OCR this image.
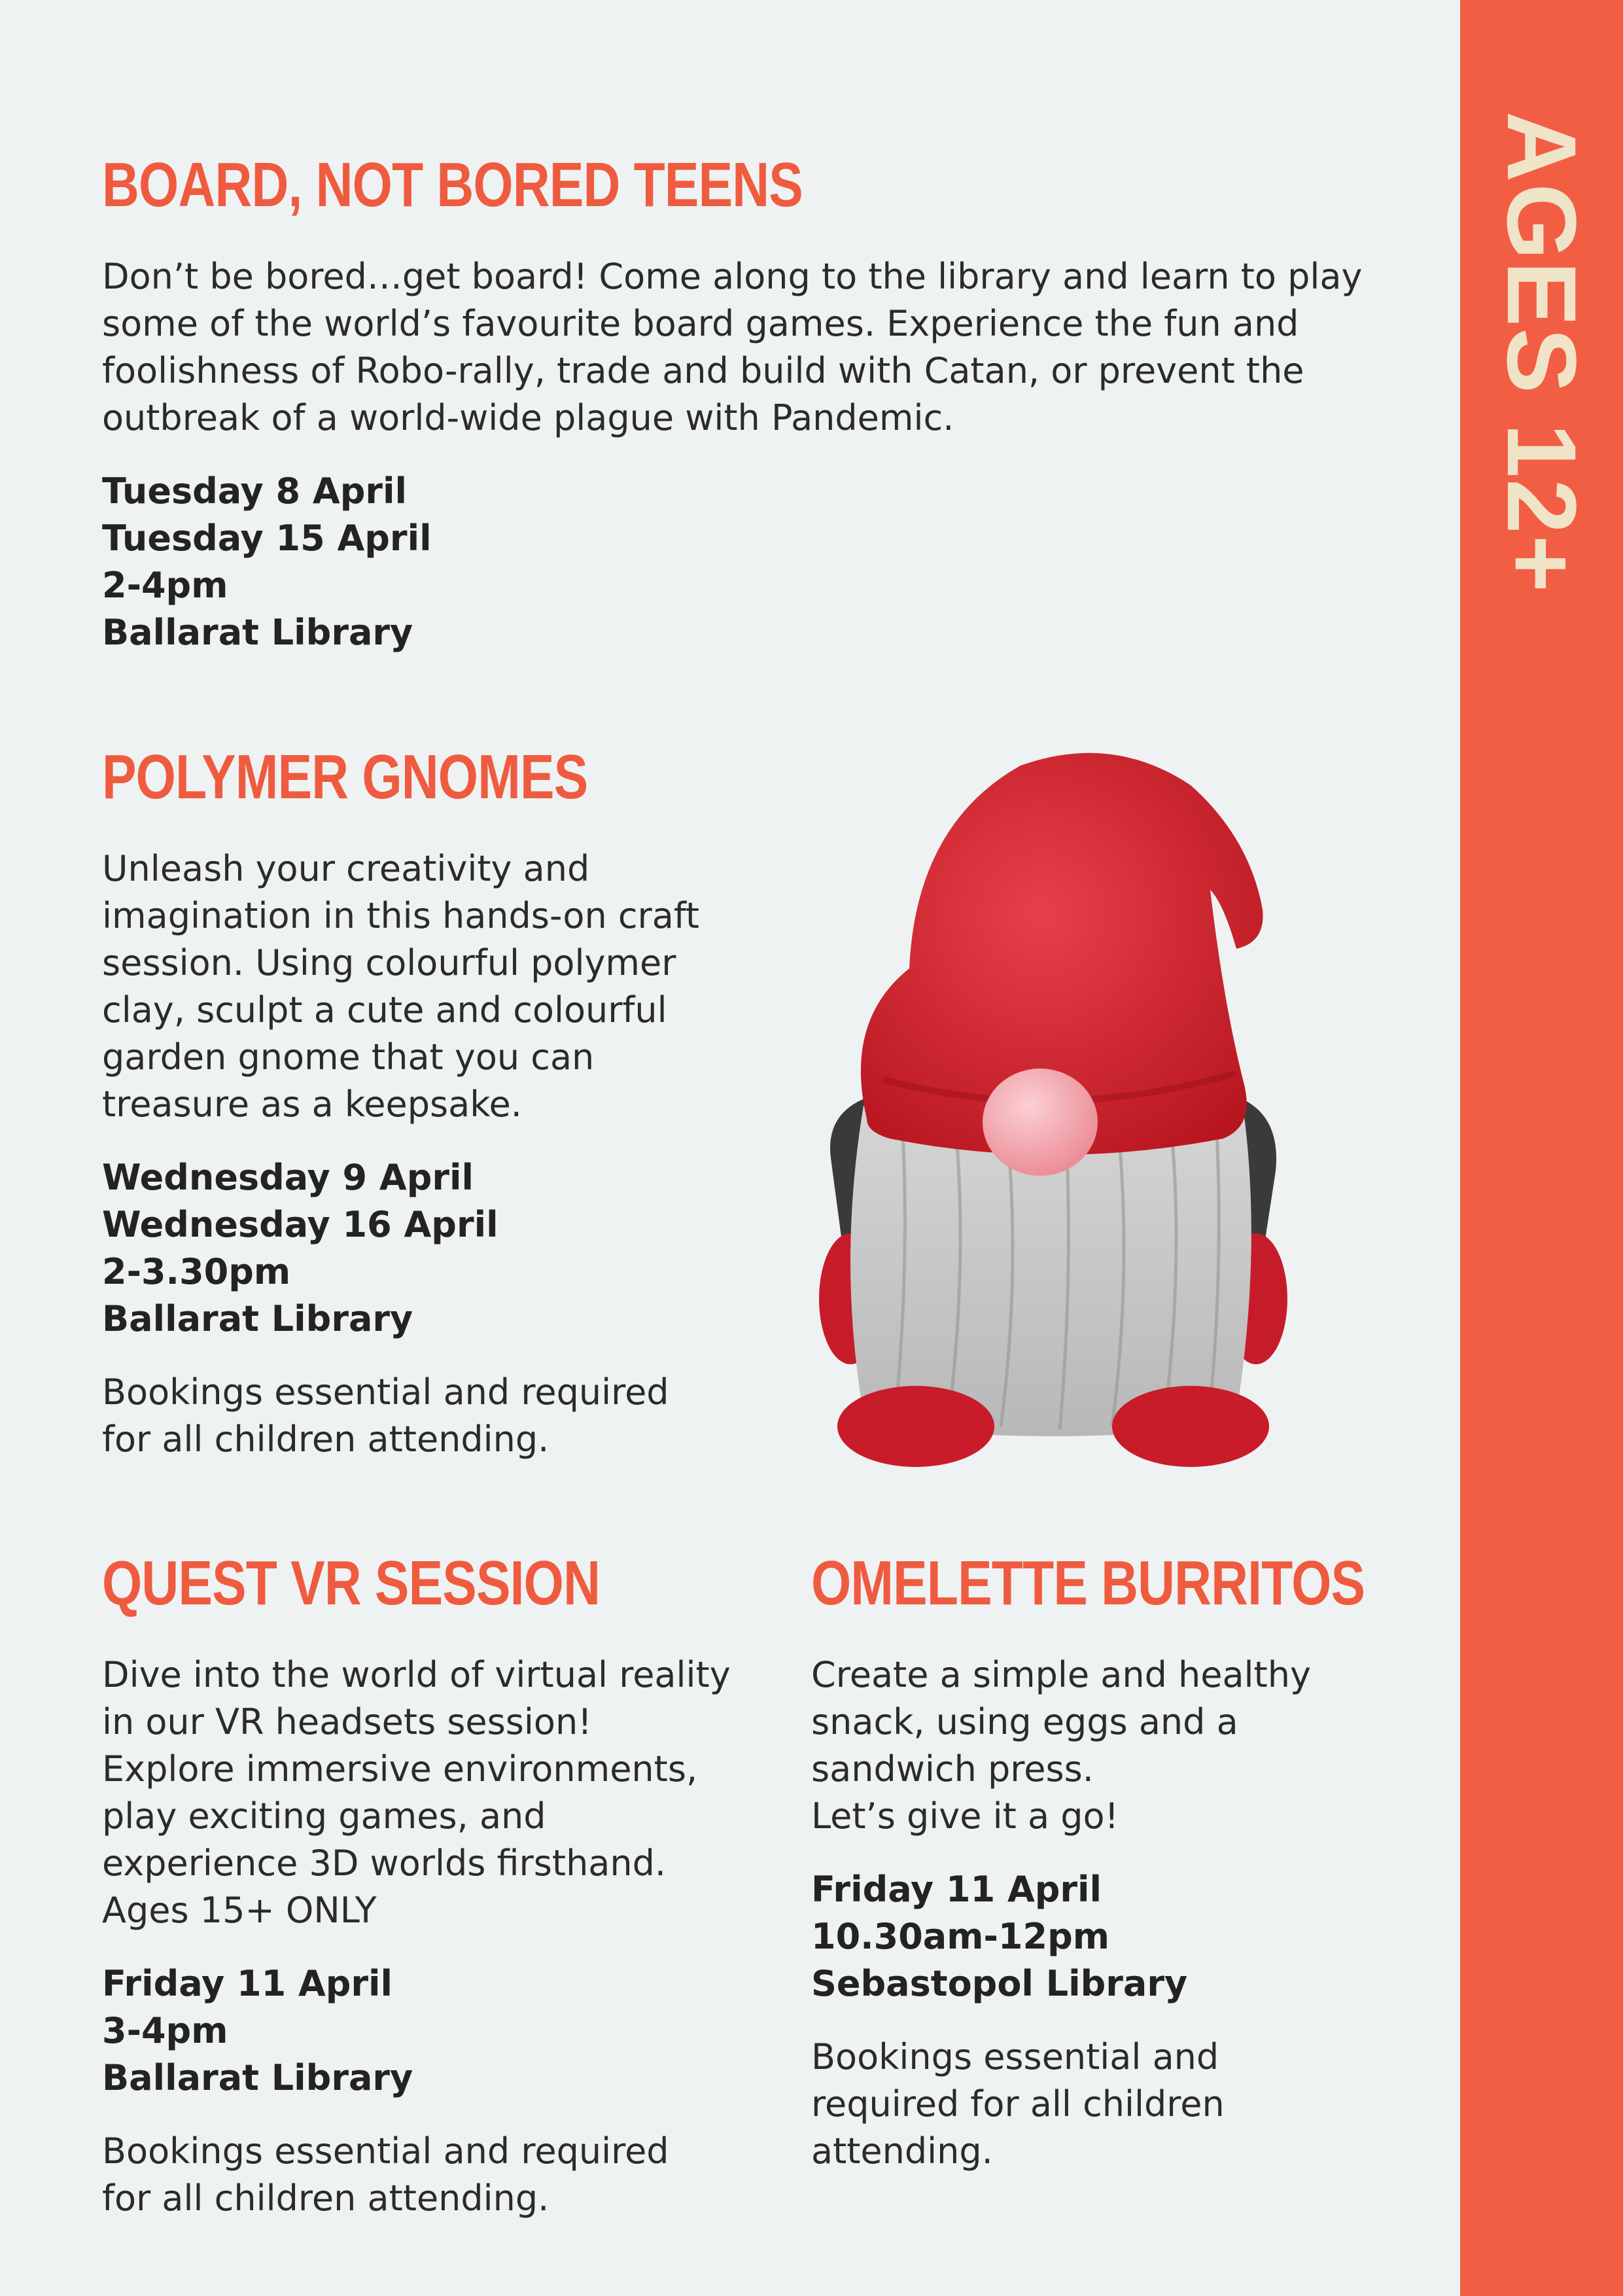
AGES 12+
BOARD, NOT BORED TEENS

Don’t be bored…get board! Come along to the library and learn to play

some of the world’s favourite board games. Experience the fun and

foolishness of Robo-rally, trade and build with Catan, or prevent the

outbreak of a world-wide plague with Pandemic.

Tuesday 8 April
Tuesday 15 April
2-4pm
Ballarat Library
POLYMER GNOMES

Unleash your creativity and

imagination in this hands-on craft

session. Using colourful polymer

clay, sculpt a cute and colourful

garden gnome that you can

treasure as a keepsake.

Wednesday 9 April
Wednesday 16 April
2-3.30pm
Ballarat Library
Bookings essential and required
for all children attending.
QUEST VR SESSION

Dive into the world of virtual reality

in our VR headsets session!

Explore immersive environments,

play exciting games, and

experience 3D worlds firsthand.

Ages 15+ ONLY

Friday 11 April
3-4pm
Ballarat Library
Bookings essential and required
for all children attending.
OMELETTE BURRITOS

Create a simple and healthy

snack, using eggs and a

sandwich press.

Let’s give it a go!

Friday 11 April
10.30am-12pm
Sebastopol Library
Bookings essential and
required for all children
attending.
